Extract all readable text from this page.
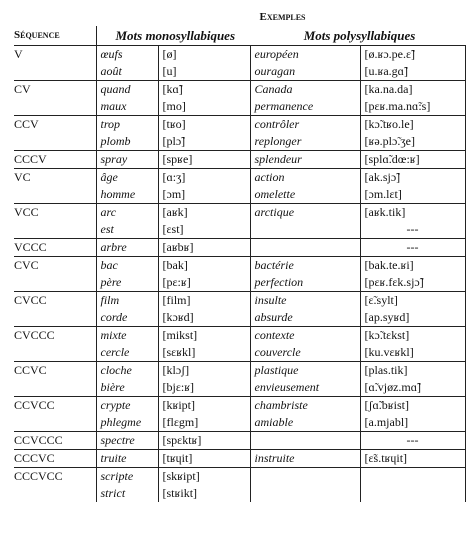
	Exemples			
Séquence	Mots monosyllabiques		Mots polysyllabiques	
V	œufs	[ø]	européen	[ø.ʁɔ.pe.ɛ̃]
	août	[u]	ouragan	[u.ʁa.gɑ̃]
CV	quand	[kɑ̃]	Canada	[ka.na.da]
	maux	[mo]	permanence	[pɛʁ.ma.nɑ̃:s]
CCV	trop	[tʁo]	contrôler	[kɔ̃.tʁo.le]
	plomb	[plɔ̃]	replonger	[ʁə.plɔ̃.ʒe]
CCCV	spray	[spʁe]	splendeur	[splɑ̃.dœ:ʁ]
VC	âge	[ɑ:ʒ]	action	[ak.sjɔ̃]
	homme	[ɔm]	omelette	[ɔm.lɛt]
VCC	arc	[aʁk]	arctique	[aʁk.tik]
	est	[ɛst]		---
VCCC	arbre	[aʁbʁ]		---
CVC	bac	[bak]	bactérie	[bak.te.ʁi]
	père	[pɛ:ʁ]	perfection	[pɛʁ.fɛk.sjɔ̃]
CVCC	film	[film]	insulte	[ɛ̃.sylt]
	corde	[kɔʁd]	absurde	[ap.syʁd]
CVCCC	mixte	[mikst]	contexte	[kɔ̃.tɛkst]
	cercle	[sɛʁkl]	couvercle	[ku.vɛʁkl]
CCVC	cloche	[klɔʃ]	plastique	[plas.tik]
	bière	[bjɛ:ʁ]	envieusement	[ɑ̃.vjøz.mɑ̃]
CCVCC	crypte	[kʁipt]	chambriste	[ʃɑ̃.bʁist]
	phlegme	[flɛgm]	amiable	[a.mjabl]
CCVCCC	spectre	[spɛktʁ]		---
CCCVC	truite	[tʁɥit]	instruite	[ɛ̃s.tʁɥit]
CCCVCC	scripte	[skʁipt]		
	strict	[stʁikt]		
